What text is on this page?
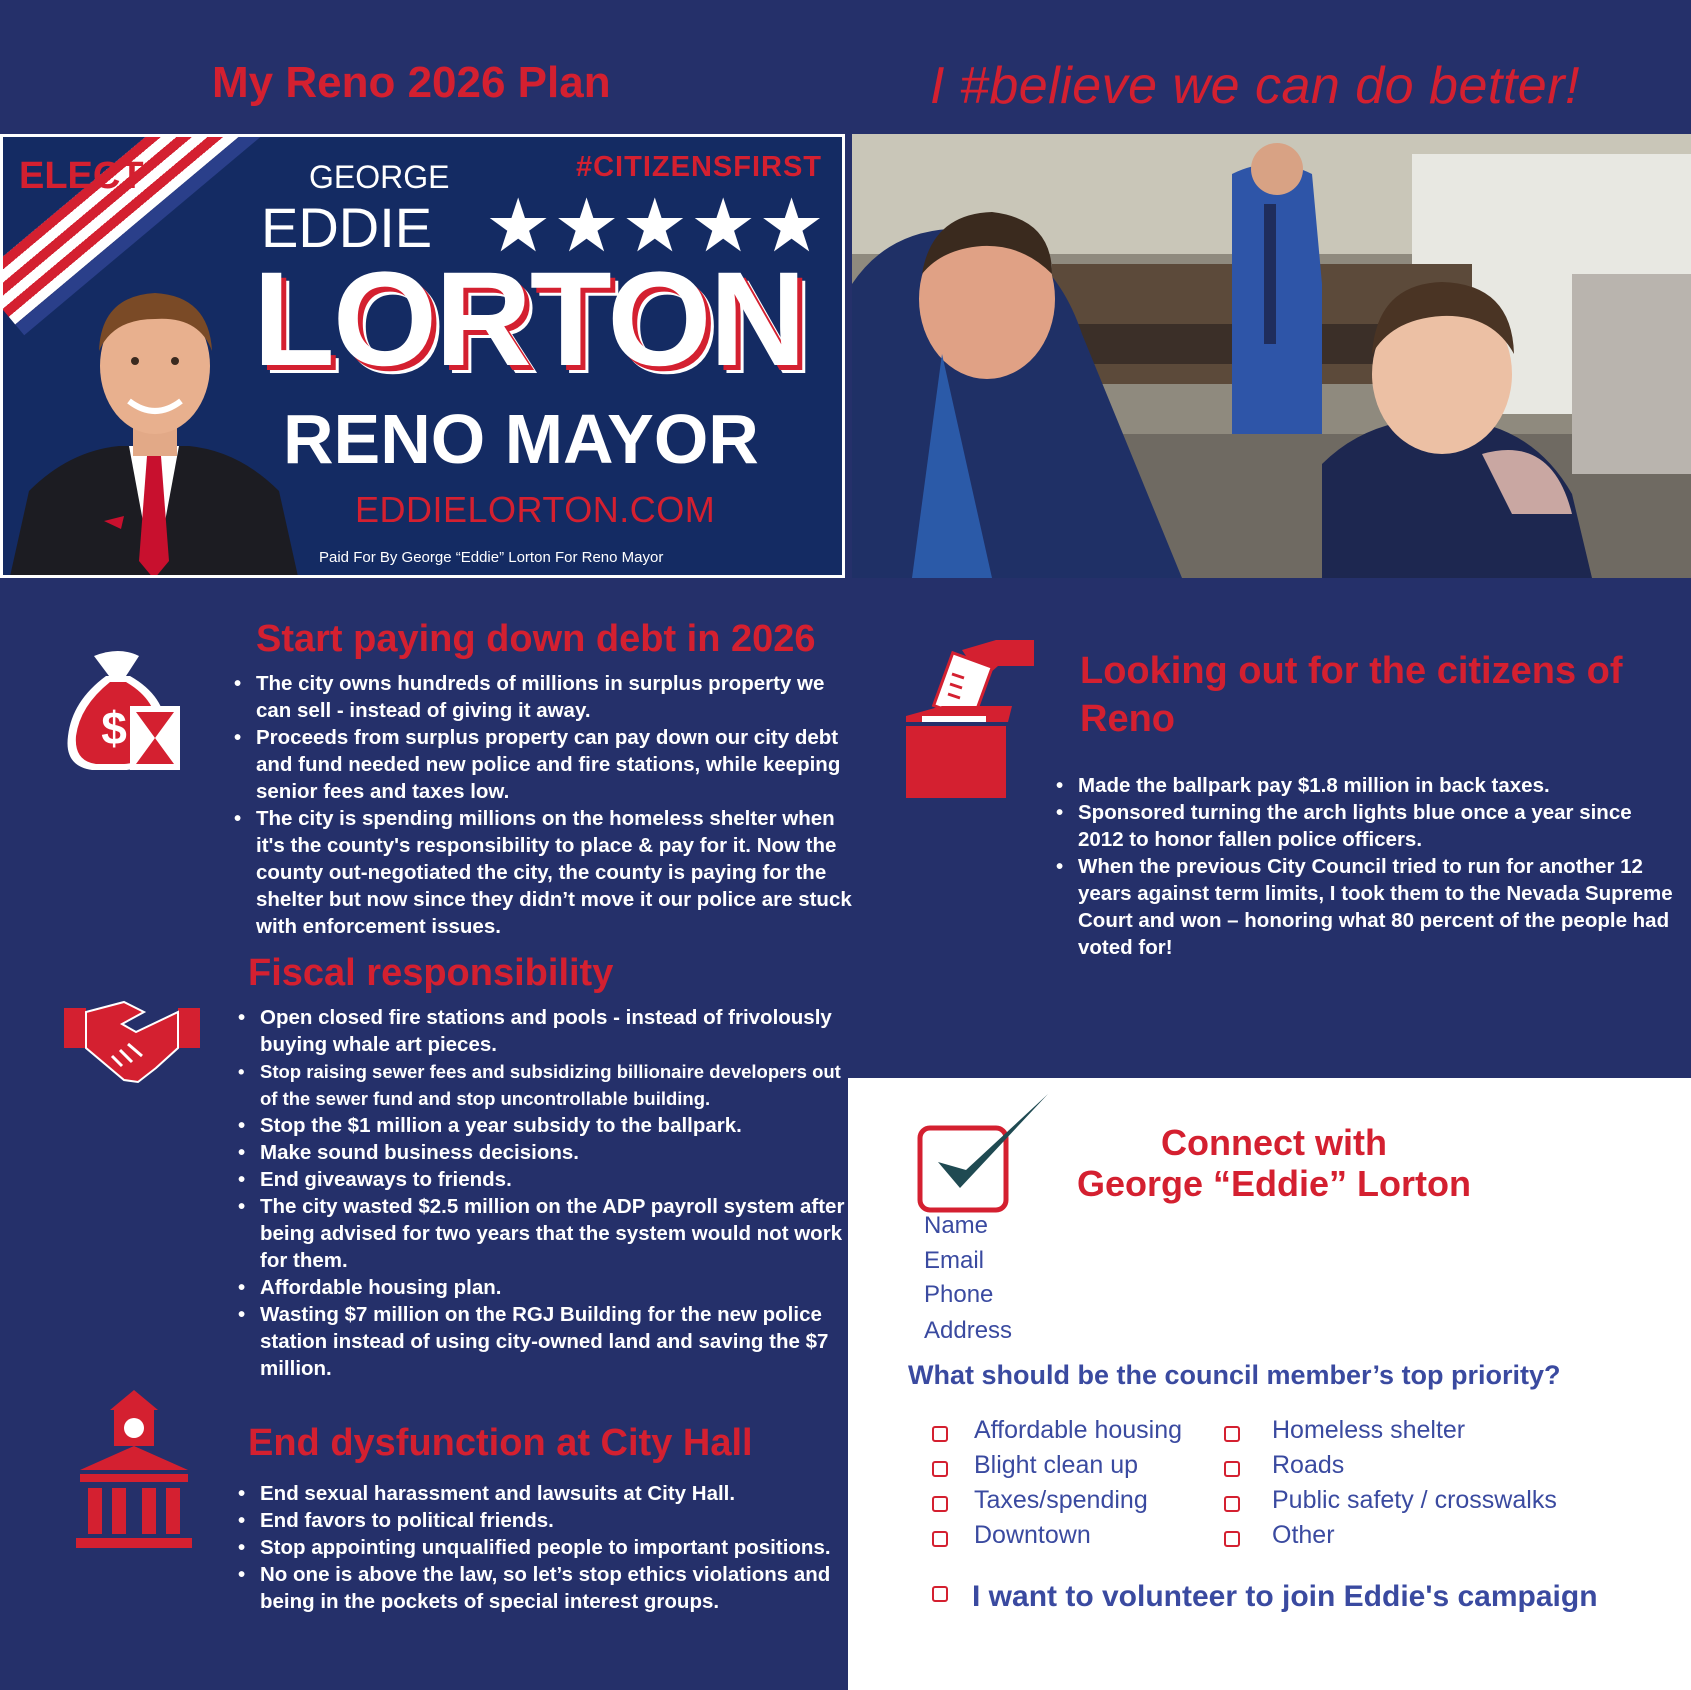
My Reno 2026 Plan	I #believe we can do better!
ELECT	#CITIZENSFIRST
GEORGE
EDDIE ★★★★★
LORTON
RENO MAYOR
EDDIELORTON.COM
Paid For By George “Eddie” Lorton For Reno Mayor
$
Start paying down debt in 2026
• The city owns hundreds of millions in surplus property we can sell - instead of giving it away.
• Proceeds from surplus property can pay down our city debt and fund needed new police and fire stations, while keeping senior fees and taxes low.
• The city is spending millions on the homeless shelter when it's the county's responsibility to place & pay for it. Now the county out-negotiated the city, the county is paying for the shelter but now since they didn’t move it our police are stuck with enforcement issues.
Fiscal responsibility
• Open closed fire stations and pools - instead of frivolously buying whale art pieces.
• Stop raising sewer fees and subsidizing billionaire developers out of the sewer fund and stop uncontrollable building.
• Stop the $1 million a year subsidy to the ballpark.
• Make sound business decisions.
• End giveaways to friends.
• The city wasted $2.5 million on the ADP payroll system after being advised for two years that the system would not work for them.
• Affordable housing plan.
• Wasting $7 million on the RGJ Building for the new police station instead of using city-owned land and saving the $7 million.
End dysfunction at City Hall
• End sexual harassment and lawsuits at City Hall.
• End favors to political friends.
• Stop appointing unqualified people to important positions.
• No one is above the law, so let’s stop ethics violations and being in the pockets of special interest groups.
Looking out for the citizens of Reno
• Made the ballpark pay $1.8 million in back taxes.
• Sponsored turning the arch lights blue once a year since 2012 to honor fallen police officers.
• When the previous City Council tried to run for another 12 years against term limits, I took them to the Nevada Supreme Court and won – honoring what 80 percent of the people had voted for!
Connect with
George “Eddie” Lorton
Name
Email
Phone
Address
What should be the council member’s top priority?
Affordable housing
Blight clean up
Taxes/spending
Downtown
Homeless shelter
Roads
Public safety / crosswalks
Other
I want to volunteer to join Eddie's campaign
